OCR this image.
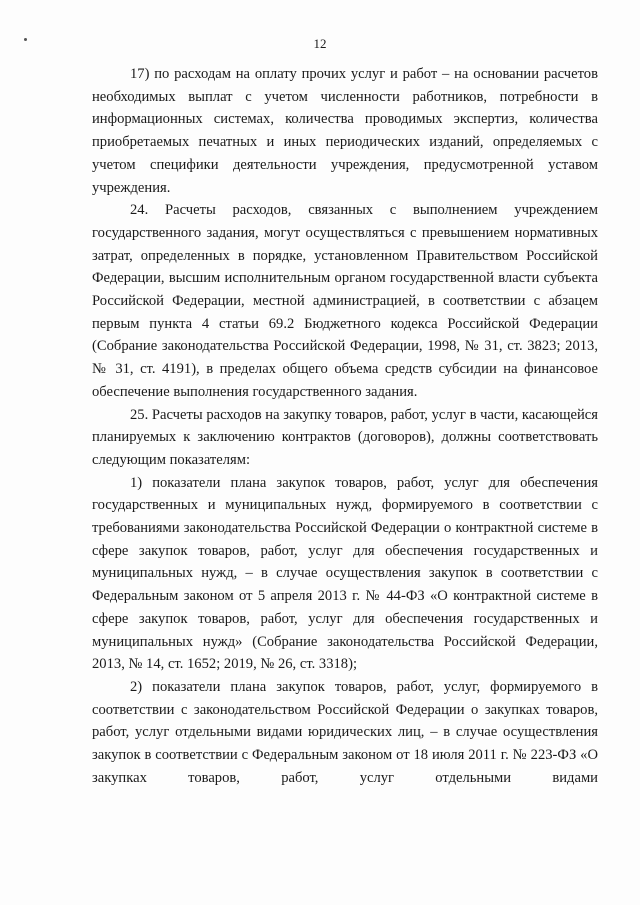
12

17) по расходам на оплату прочих услуг и работ – на основании расчетов необходимых выплат с учетом численности работников, потребности в информационных системах, количества проводимых экспертиз, количества приобретаемых печатных и иных периодических изданий, определяемых с учетом специфики деятельности учреждения, предусмотренной уставом учреждения.

24. Расчеты расходов, связанных с выполнением учреждением государственного задания, могут осуществляться с превышением нормативных затрат, определенных в порядке, установленном Правительством Российской Федерации, высшим исполнительным органом государственной власти субъекта Российской Федерации, местной администрацией, в соответствии с абзацем первым пункта 4 статьи 69.2 Бюджетного кодекса Российской Федерации (Собрание законодательства Российской Федерации, 1998, № 31, ст. 3823; 2013, № 31, ст. 4191), в пределах общего объема средств субсидии на финансовое обеспечение выполнения государственного задания.

25. Расчеты расходов на закупку товаров, работ, услуг в части, касающейся планируемых к заключению контрактов (договоров), должны соответствовать следующим показателям:

1) показатели плана закупок товаров, работ, услуг для обеспечения государственных и муниципальных нужд, формируемого в соответствии с требованиями законодательства Российской Федерации о контрактной системе в сфере закупок товаров, работ, услуг для обеспечения государственных и муниципальных нужд, – в случае осуществления закупок в соответствии с Федеральным законом от 5 апреля 2013 г. № 44-ФЗ «О контрактной системе в сфере закупок товаров, работ, услуг для обеспечения государственных и муниципальных нужд» (Собрание законодательства Российской Федерации, 2013, № 14, ст. 1652; 2019, № 26, ст. 3318);

2) показатели плана закупок товаров, работ, услуг, формируемого в соответствии с законодательством Российской Федерации о закупках товаров, работ, услуг отдельными видами юридических лиц, – в случае осуществления закупок в соответствии с Федеральным законом от 18 июля 2011 г. № 223-ФЗ «О закупках товаров, работ, услуг отдельными видами
